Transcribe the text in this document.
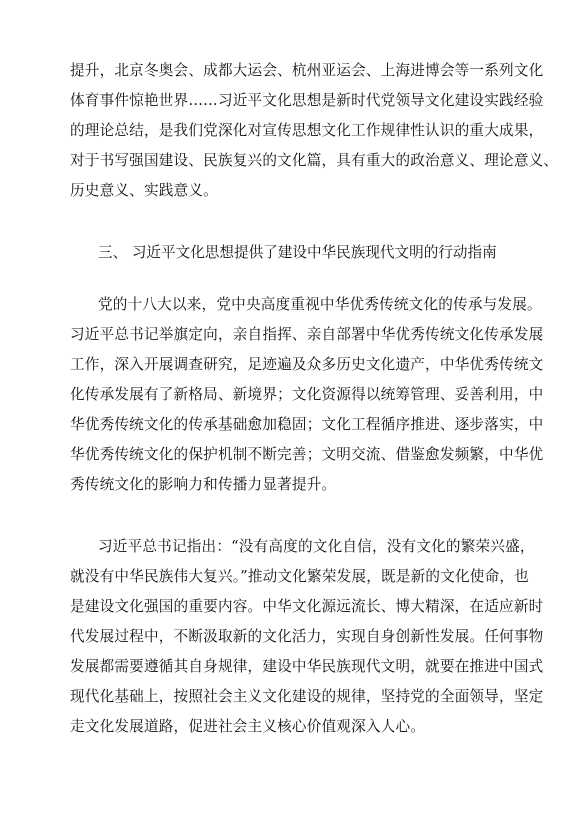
提升，北京冬奥会、成都大运会、杭州亚运会、上海进博会等一系列文化
体育事件惊艳世界……习近平文化思想是新时代党领导文化建设实践经验
的理论总结，是我们党深化对宣传思想文化工作规律性认识的重大成果，
对于书写强国建设、民族复兴的文化篇，具有重大的政治意义、理论意义、
历史意义、实践意义。
三、 习近平文化思想提供了建设中华民族现代文明的行动指南
党的十八大以来，党中央高度重视中华优秀传统文化的传承与发展。
习近平总书记举旗定向，亲自指挥、亲自部署中华优秀传统文化传承发展
工作，深入开展调查研究，足迹遍及众多历史文化遗产，中华优秀传统文
化传承发展有了新格局、新境界；文化资源得以统筹管理、妥善利用，中
华优秀传统文化的传承基础愈加稳固；文化工程循序推进、逐步落实，中
华优秀传统文化的保护机制不断完善；文明交流、借鉴愈发频繁，中华优
秀传统文化的影响力和传播力显著提升。
习近平总书记指出：“没有高度的文化自信，没有文化的繁荣兴盛，
就没有中华民族伟大复兴。”推动文化繁荣发展，既是新的文化使命，也
是建设文化强国的重要内容。中华文化源远流长、博大精深，在适应新时
代发展过程中，不断汲取新的文化活力，实现自身创新性发展。任何事物
发展都需要遵循其自身规律，建设中华民族现代文明，就要在推进中国式
现代化基础上，按照社会主义文化建设的规律，坚持党的全面领导，坚定
走文化发展道路，促进社会主义核心价值观深入人心。
